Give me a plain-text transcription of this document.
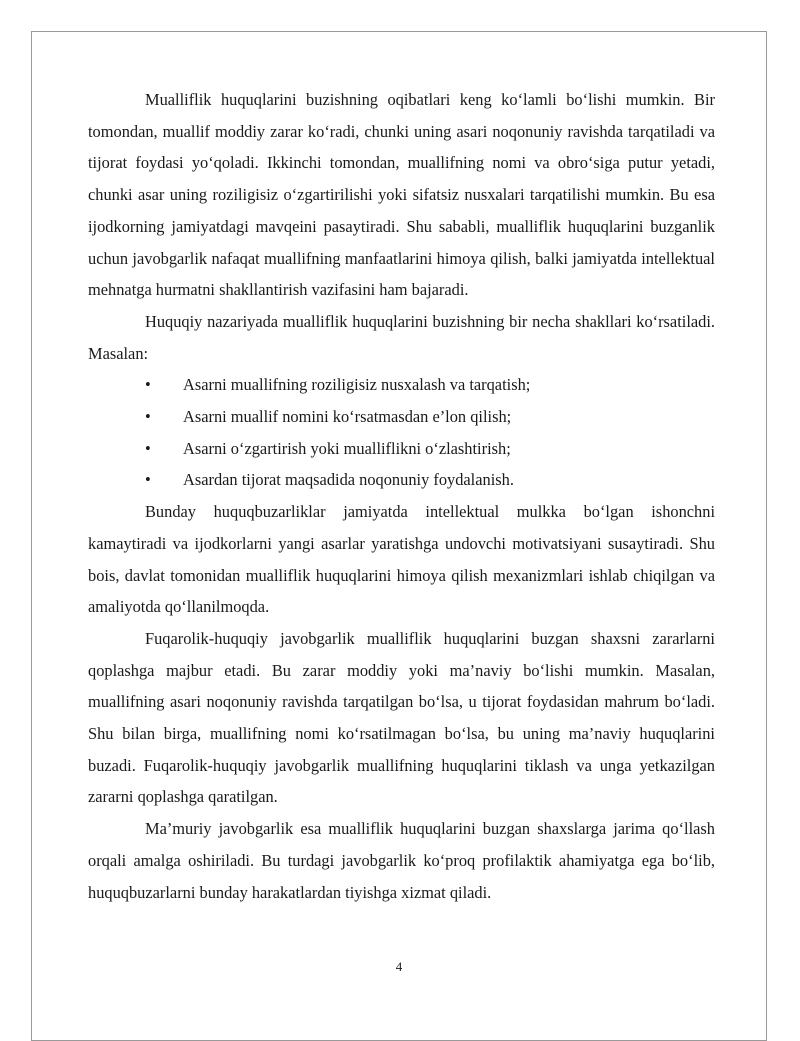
Mualliflik huquqlarini buzishning oqibatlari keng ko‘lamli bo‘lishi mumkin. Bir tomondan, muallif moddiy zarar ko‘radi, chunki uning asari noqonuniy ravishda tarqatiladi va tijorat foydasi yo‘qoladi. Ikkinchi tomondan, muallifning nomi va obro‘siga putur yetadi, chunki asar uning roziligisiz o‘zgartirilishi yoki sifatsiz nusxalari tarqatilishi mumkin. Bu esa ijodkorning jamiyatdagi mavqeini pasaytiradi. Shu sababli, mualliflik huquqlarini buzganlik uchun javobgarlik nafaqat muallifning manfaatlarini himoya qilish, balki jamiyatda intellektual mehnatga hurmatni shakllantirish vazifasini ham bajaradi.

Huquqiy nazariyada mualliflik huquqlarini buzishning bir necha shakllari ko‘rsatiladi. Masalan:

• Asarni muallifning roziligisiz nusxalash va tarqatish;
• Asarni muallif nomini ko‘rsatmasdan e’lon qilish;
• Asarni o‘zgartirish yoki mualliflikni o‘zlashtirish;
• Asardan tijorat maqsadida noqonuniy foydalanish.

Bunday huquqbuzarliklar jamiyatda intellektual mulkka bo‘lgan ishonchni kamaytiradi va ijodkorlarni yangi asarlar yaratishga undovchi motivatsiyani susaytiradi. Shu bois, davlat tomonidan mualliflik huquqlarini himoya qilish mexanizmlari ishlab chiqilgan va amaliyotda qo‘llanilmoqda.

Fuqarolik-huquqiy javobgarlik mualliflik huquqlarini buzgan shaxsni zararlarni qoplashga majbur etadi. Bu zarar moddiy yoki ma’naviy bo‘lishi mumkin. Masalan, muallifning asari noqonuniy ravishda tarqatilgan bo‘lsa, u tijorat foydasidan mahrum bo‘ladi. Shu bilan birga, muallifning nomi ko‘rsatilmagan bo‘lsa, bu uning ma’naviy huquqlarini buzadi. Fuqarolik-huquqiy javobgarlik muallifning huquqlarini tiklash va unga yetkazilgan zararni qoplashga qaratilgan.

Ma’muriy javobgarlik esa mualliflik huquqlarini buzgan shaxslarga jarima qo‘llash orqali amalga oshiriladi. Bu turdagi javobgarlik ko‘proq profilaktik ahamiyatga ega bo‘lib, huquqbuzarlarni bunday harakatlardan tiyishga xizmat qiladi.

4
